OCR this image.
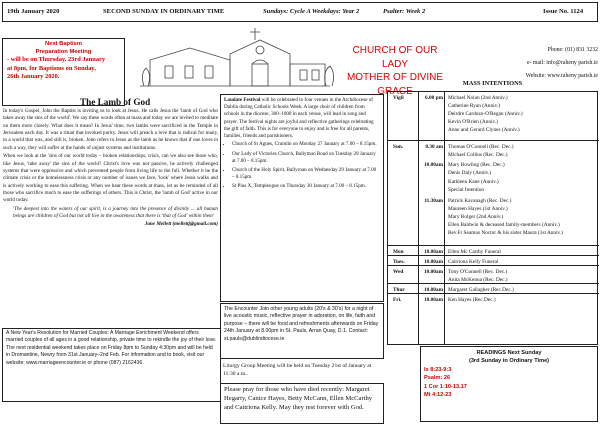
19th January 2020	SECOND SUNDAY IN ORDINARY TIME	Sundays: Cycle A Weekdays: Year 2	Psalter: Week 2	Issue No. 1124
Next Baptism
Preparation Meeting
- will be on Thursday, 23rd January
at 8pm, for Baptisms on Sunday,
26th January 2020.
CHURCH OF OUR LADY
MOTHER OF DIVINE GRACE
Phone: (01) 831 3232
e- mail: info@raheny parish.ie
Website: www.raheny parish.ie
The Lamb of God

In today's Gospel, John the Baptist is inviting us to look at Jesus. He calls Jesus the 'lamb of God who takes away the sins of the world'. We say these words often at mass and today we are invited to meditate on them more closely. What does it mean? In Jesus' time, two lambs were sacrificed in the Temple in Jerusalem each day. It was a ritual that invoked purity. Jesus will preach a love that is radical for many, in a world that was, and still is, broken. John refers to Jesus as the lamb as he knows that if one loves in such a way, they will suffer at the hands of unjust systems and institutions.

When we look at the 'sins of our world today – broken relationships, crisis, can we also see those who, like Jesus, 'take away' the sins of the world? Christ's love was not passive, he actively challenged systems that were oppressive and which prevented people from living life to the full. Whether it be the climate crisis or the homelessness crisis or any number of issues we face, 'look' where Jesus walks and is actively working to ease this suffering. When we hear these words at mass, let us be reminded of all those who sacrifice much to ease the sufferings of others. This is Christ, the 'lamb of God' active in our world today.

'The deepest into the waters of our spirit, is a journey into the presence of divinity ... all human beings are children of God but not all live in the awareness that there is 'that of God' within them'

Jane Mellett (mellettj@gmail.com)

A New Year's Resolution for Married Couples: A Marriage Enrichment Weekend offers married couples of all ages in a good relationship, private time to rekindle the joy of their love. The next residential weekend takes place on Friday 8pm to Sunday 4:30pm and will be held in Dromantine, Newry from 31st January–2nd Feb. For information and to book, visit our website: www.marriageencounter.ie or phone (087) 2162436.

Laudate Festival will be celebrated in four venues in the Archdiocese of Dublin during Catholic Schools Week. A large choir of children from schools in the diocese, 300–1000 in each venue, will lead in song and prayer. The festival nights are joyful and reflective gatherings celebrating the gift of faith. This is for everyone to enjoy and is free for all parents, families, friends and parishioners.

• Church of St Agnes, Crumlin on Monday 27 January at 7.00 – 8.15pm.
• Our Lady of Victories Church, Ballymun Road on Tuesday 28 January at 7.00 – 8.15pm.
• Church of the Holy Spirit, Ballyroan on Wednesday 29 January at 7.00 – 8.15pm.
• St Pius X, Templeogue on Thursday 30 January at 7.00 – 8.15pm.
The Encounter Join other young adults (20's & 30's) for a night of live acoustic music, reflective prayer in adoration, on life, faith and purpose – there will be food and refreshments afterwards on Friday 24th January at 8.00pm in St. Pauls, Arran Quay, D.1. Contact: st.pauls@dublindiocese.ie
Liturgy Group Meeting will be held on Tuesday 21st of January at 11:30 a.m..
Please pray for those who have died recently: Margaret Hegarty, Canice Hayes, Betty McCann, Ellen McCarthy and Caitriona Kelly. May they rest forever with God.
MASS INTENTIONS
Vigil	6.00 pm Michael Nolan (2nd Anniv.)
Catherine Ryan (Anniv.)
Deirdre Cardozo-O'Regan (Anniv.)
Kevin O'Brien (Anniv.)
Anne and Gerard Clynes (Anniv.)
Sun.	8.30 am Thomas O'Connell (Rec. Dec.)
Michael Collins (Rec. Dec.)
10.00am Mary Bowling (Rec. Dec.)
Denis Daly (Anniv.)
Kathleen Kane (Anniv.)
Special Intention
11.30am Patrick Kavanagh (Rec. Dec.)
Maureen Hayes (1st Anniv.)
Mary Bolger (2nd Anniv.)
Ellen Baldwin & deceased family-members (Anniv.)
Rev.Fr Seamus Noctor & his sister Maura (1st Anniv.)
Mon	10.00am Ellen Mc Carthy Funeral
Tues.	10.00am Caitriona Kelly Funeral
Wed	10.00am Tony O'Connell (Rec. Dec.)
Anita McKenna (Rec. Dec.)
Thur	10.00am Margaret Gallagher (Rec.Dec.)
Fri.	10.00am Ken Hayes (Rec.Dec.)
READINGS Next Sunday
(3rd Sunday in Ordinary Time)
Is 8:23-9:3
Psalm: 26
1 Cor 1:10-13,17
Mt 4:12-23
